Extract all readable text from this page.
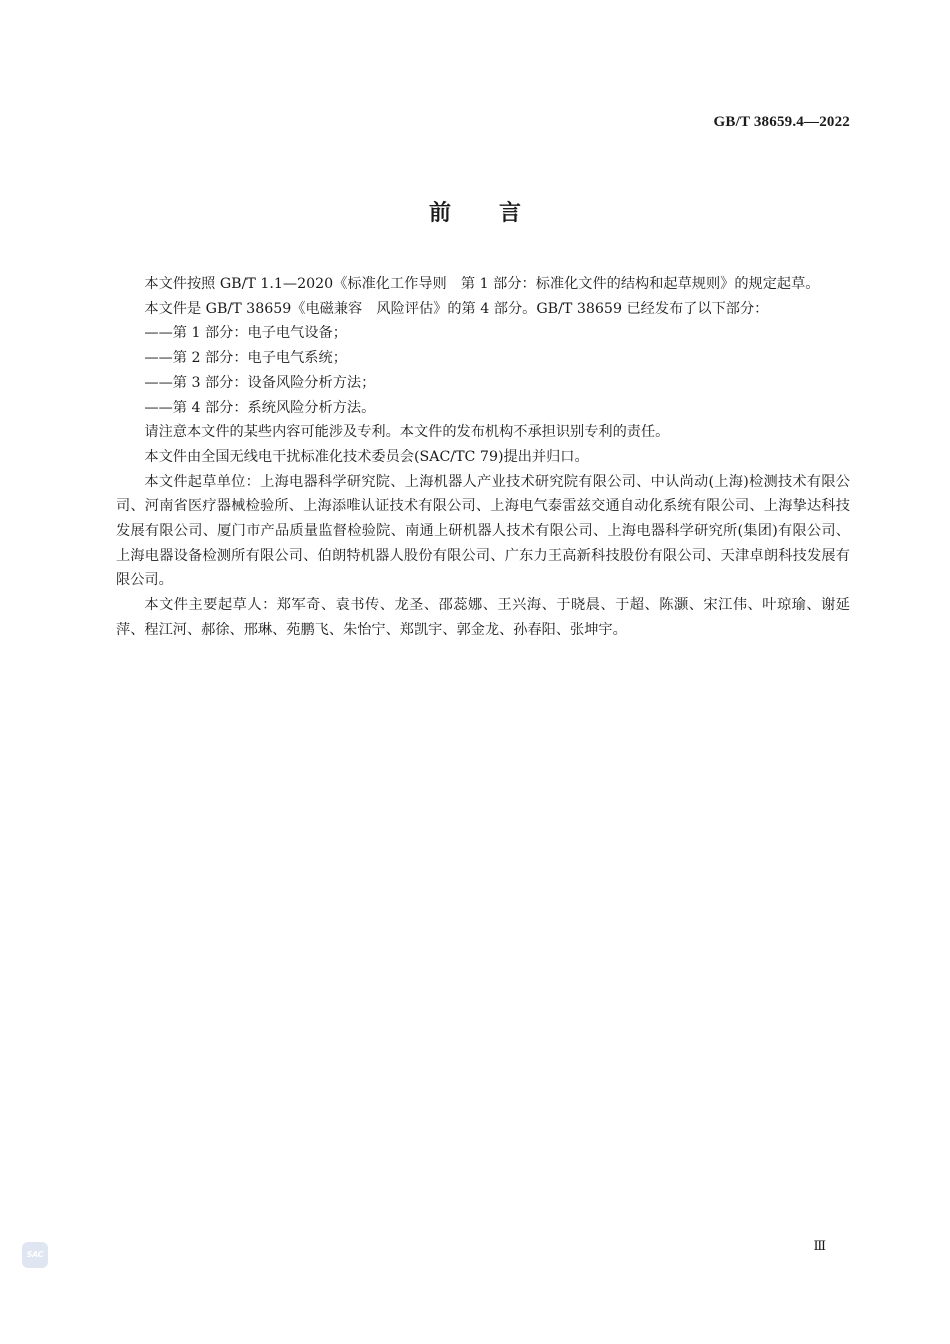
GB/T 38659.4—2022
前言

本文件按照 GB/T 1.1—2020《标准化工作导则　第 1 部分：标准化文件的结构和起草规则》的规定起草。

本文件是 GB/T 38659《电磁兼容　风险评估》的第 4 部分。GB/T 38659 已经发布了以下部分：

——第 1 部分：电子电气设备；

——第 2 部分：电子电气系统；

——第 3 部分：设备风险分析方法；

——第 4 部分：系统风险分析方法。

请注意本文件的某些内容可能涉及专利。本文件的发布机构不承担识别专利的责任。

本文件由全国无线电干扰标准化技术委员会(SAC/TC 79)提出并归口。

本文件起草单位：上海电器科学研究院、上海机器人产业技术研究院有限公司、中认尚动(上海)检测技术有限公司、河南省医疗器械检验所、上海添唯认证技术有限公司、上海电气泰雷兹交通自动化系统有限公司、上海挚达科技发展有限公司、厦门市产品质量监督检验院、南通上研机器人技术有限公司、上海电器科学研究所(集团)有限公司、上海电器设备检测所有限公司、伯朗特机器人股份有限公司、广东力王高新科技股份有限公司、天津卓朗科技发展有限公司。

本文件主要起草人：郑军奇、袁书传、龙圣、邵蕊娜、王兴海、于晓晨、于超、陈灏、宋江伟、叶琼瑜、谢延萍、程江河、郝徐、邢琳、苑鹏飞、朱怡宁、郑凯宇、郭金龙、孙春阳、张坤宇。

SAC
Ⅲ
